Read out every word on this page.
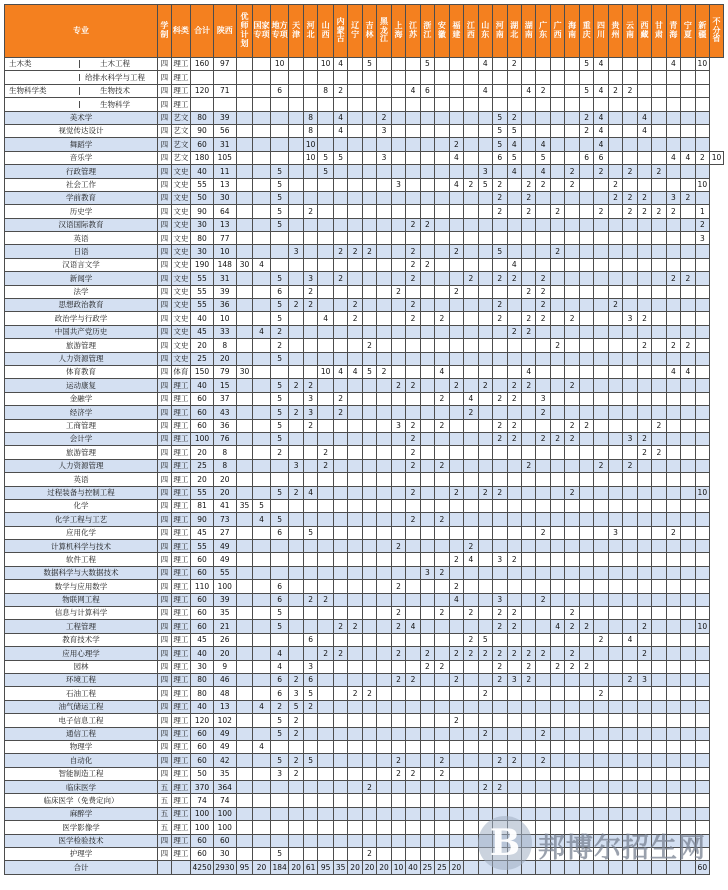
专业	学制	科类	合计	陕西	优师计划	国家专项	地方专项	天津	河北	山西	内蒙古	辽宁	吉林	黑龙江	上海	江苏	浙江	安徽	福建	江西	山东	河南	湖北	湖南	广东	广西	海南	重庆	四川	贵州	云南	西藏	甘肃	青海	宁夏	新疆	不分省
土木类 土木工程	四	理工	160	97			10			10	4		5				5				4		2					5	4					4		10	
给排水科学与工程	四	理工																																			
生物科学类 生物技术	四	理工	120	71			6			8	2					4	6				4			4	2			5	4	2	2						
生物科学	四	理工																																			
美术学	四	艺文	80	39					8		4			2								5	2					2	4			4					
视觉传达设计	四	艺文	90	56					8		4			3								5	5					2	4			4					
舞蹈学	四	艺文	60	31					10										2			5	4		4				4								
音乐学	四	艺文	180	105					10	5	5			3					4			6	5		5			6	6					4	4	2	10
行政管理	四	文史	40	11			5			5											3		4		4		2		2		2		2				
社会工作	四	文史	55	13			5								3				4	2	5	2		2	2		2			2						10	
学前教育	四	文史	50	30			5															2		2						2	2	2		3	2		
历史学	四	文史	90	64			5		2													2		2		2			2		2	2	2	2		1	
汉语国际教育	四	文史	30	13			5									2	2																			2	
英语	四	文史	80	77																																3	
日语	四	文史	30	10				3			2	2	2			2			2			5				2											
汉语言文学	四	文史	190	148	30	4										2	2						4														
新闻学	四	文史	55	31			5		3		2					2				2		2	2		2									2	2		
法学	四	文史	55	39			6		2						2				2					2	2												
思想政治教育	四	文史	55	36			5	2	2			2				2						2			2					2							
政治学与行政学	四	文史	40	10			5			4		2				2		2				2		2	2		2				3	2					
中国共产党历史	四	文史	45	33		4	2																2	2													
旅游管理	四	文史	20	8			2						2													2						2		2	2		
人力资源管理	四	文史	25	20			5																														
体育教育	四	体育	150	79	30					10	4	4	5	2				4						4										4	4		
运动康复	四	理工	40	15			5	2	2						2	2			2		2		2	2			2										
金融学	四	理工	60	37			5		3		2							2		4		2	2		3												
经济学	四	理工	60	43			5	2	3		2									2					2												
工商管理	四	理工	60	36			5		2						3	2		2				2	2				2	2					2				
会计学	四	理工	100	76			5									2						2	2		2	2	2				3	2					
旅游管理	四	理工	20	8			2			2						2																2	2				
人力资源管理	四	理工	25	8				3		2						2		2						2					2		2						
英语	四	理工	20	20																																	
过程装备与控制工程	四	理工	55	20			5	2	4							2			2		2	2					2									10	
化学	四	理工	81	41	35	5																															
化学工程与工艺	四	理工	90	73		4	5									2		2																			
应用化学	四	理工	45	27			6		5																2					3				2			
计算机科学与技术	四	理工	55	49											2					2																	
软件工程	四	理工	60	49															2	4		3	2														
数据科学与大数据技术	四	理工	60	55													3	2																			
数学与应用数学	四	理工	110	100			6								2				2																		
物联网工程	四	理工	60	39			6		2	2									4			3			2												
信息与计算科学	四	理工	60	35			5								2			2		2		2	2				2										
工程管理	四	理工	60	21			5				2	2			2	4						2	2			4	2	2				2				10	
教育技术学	四	理工	45	26					6											2	5								2		4						
应用心理学	四	理工	40	20			4			2	2				2		2		2	2	2	2	2	2	2		2					2					
园林	四	理工	30	9			4		3								2	2				2		2		2	2	2									
环境工程	四	理工	80	46			6	2	6						2	2			2			2	3	2							2	3					
石油工程	四	理工	80	48			6	3	5			2	2								2								2								
油气储运工程	四	理工	40	13		4	2	5	2																												
电子信息工程	四	理工	120	102			5	2											2																		
通信工程	四	理工	60	49			5	2													2				2												
物理学	四	理工	60	49		4																															
自动化	四	理工	60	42			5	2	5						2			2				2	2		2												
智能制造工程	四	理工	50	35			3	2							2	2		2																			
临床医学	五	理工	370	364									2								2	2															
临床医学（免费定向）	五	理工	74	74																																	
麻醉学	五	理工	100	100																																	
医学影像学	五	理工	100	100																																	
医学检验技术	四	理工	60	60																																	
护理学	四	理工	60	30			5						2																								
合计			4250	2930	95	20	184	20	61	95	35	20	20	20	10	40	25	25	20																	60	
B 邦博尔招生网
